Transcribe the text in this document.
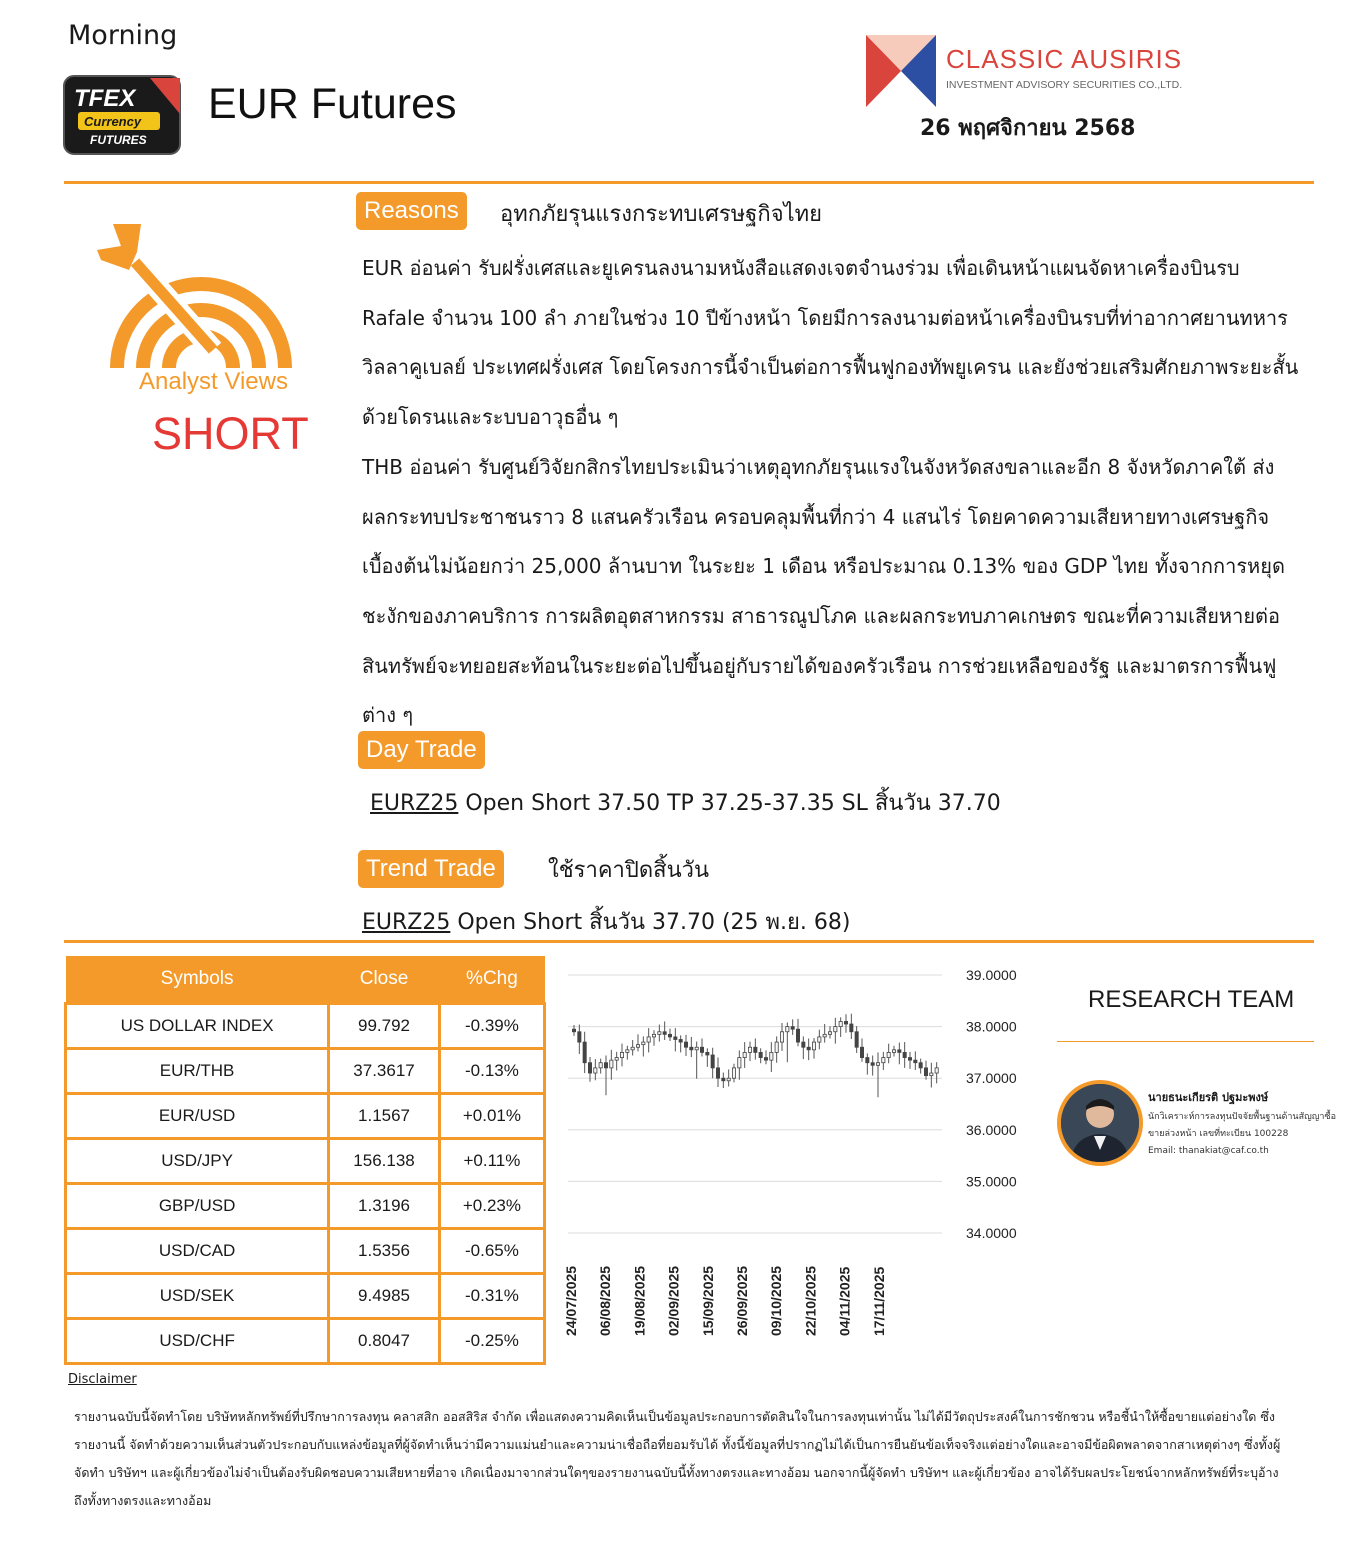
Morning
TFEX
Currency
FUTURES
EUR Futures
CLASSIC AUSIRIS
INVESTMENT ADVISORY SECURITIES CO.,LTD.
26 พฤศจิกายน 2568
Analyst Views
SHORT
Reasons	อุทกภัยรุนแรงกระทบเศรษฐกิจไทย

EUR อ่อนค่า รับฝรั่งเศสและยูเครนลงนามหนังสือแสดงเจตจำนงร่วม เพื่อเดินหน้าแผนจัดหาเครื่องบินรบ Rafale จำนวน 100 ลำ ภายในช่วง 10 ปีข้างหน้า โดยมีการลงนามต่อหน้าเครื่องบินรบที่ท่าอากาศยานทหารวิลลาคูเบลย์ ประเทศฝรั่งเศส โดยโครงการนี้จำเป็นต่อการฟื้นฟูกองทัพยูเครน และยังช่วยเสริมศักยภาพระยะสั้นด้วยโดรนและระบบอาวุธอื่น ๆ

THB อ่อนค่า รับศูนย์วิจัยกสิกรไทยประเมินว่าเหตุอุทกภัยรุนแรงในจังหวัดสงขลาและอีก 8 จังหวัดภาคใต้ ส่งผลกระทบประชาชนราว 8 แสนครัวเรือน ครอบคลุมพื้นที่กว่า 4 แสนไร่ โดยคาดความเสียหายทางเศรษฐกิจเบื้องต้นไม่น้อยกว่า 25,000 ล้านบาท ในระยะ 1 เดือน หรือประมาณ 0.13% ของ GDP ไทย ทั้งจากการหยุดชะงักของภาคบริการ การผลิตอุตสาหกรรม สาธารณูปโภค และผลกระทบภาคเกษตร ขณะที่ความเสียหายต่อสินทรัพย์จะทยอยสะท้อนในระยะต่อไปขึ้นอยู่กับรายได้ของครัวเรือน การช่วยเหลือของรัฐ และมาตรการฟื้นฟูต่าง ๆ

Day Trade
EURZ25 Open Short 37.50 TP 37.25-37.35 SL สิ้นวัน 37.70
Trend Trade	ใช้ราคาปิดสิ้นวัน
EURZ25 Open Short สิ้นวัน 37.70 (25 พ.ย. 68)
Symbols	Close	%Chg
US DOLLAR INDEX	99.792	-0.39%
EUR/THB	37.3617	-0.13%
EUR/USD	1.1567	+0.01%
USD/JPY	156.138	+0.11%
GBP/USD	1.3196	+0.23%
USD/CAD	1.5356	-0.65%
USD/SEK	9.4985	-0.31%
USD/CHF	0.8047	-0.25%
39.0000
38.0000
37.0000
36.0000
35.0000
34.0000
24/07/2025 06/08/2025 19/08/2025 02/09/2025 15/09/2025 26/09/2025 09/10/2025 22/10/2025 04/11/2025 17/11/2025
RESEARCH TEAM
นายธนะเกียรติ ปฐมะพงษ์
นักวิเคราะห์การลงทุนปัจจัยพื้นฐานด้านสัญญาซื้อ
ขายล่วงหน้า เลขที่ทะเบียน 100228
Email: thanakiat@caf.co.th
Disclaimer
รายงานฉบับนี้จัดทำโดย บริษัทหลักทรัพย์ที่ปรึกษาการลงทุน คลาสสิก ออสสิริส จำกัด เพื่อแสดงความคิดเห็นเป็นข้อมูลประกอบการตัดสินใจในการลงทุนเท่านั้น ไม่ได้มีวัตถุประสงค์ในการชักชวน หรือชี้นำให้ซื้อขายแต่อย่างใด ซึ่งรายงานนี้ จัดทำด้วยความเห็นส่วนตัวประกอบกับแหล่งข้อมูลที่ผู้จัดทำเห็นว่ามีความแม่นยำและความน่าเชื่อถือที่ยอมรับได้ ทั้งนี้ข้อมูลที่ปรากฏไม่ได้เป็นการยืนยันข้อเท็จจริงแต่อย่างใดและอาจมีข้อผิดพลาดจากสาเหตุต่างๆ ซึ่งทั้งผู้จัดทำ บริษัทฯ และผู้เกี่ยวข้องไม่จำเป็นต้องรับผิดชอบความเสียหายที่อาจ เกิดเนื่องมาจากส่วนใดๆของรายงานฉบับนี้ทั้งทางตรงและทางอ้อม นอกจากนี้ผู้จัดทำ บริษัทฯ และผู้เกี่ยวข้อง อาจได้รับผลประโยชน์จากหลักทรัพย์ที่ระบุอ้างถึงทั้งทางตรงและทางอ้อม
